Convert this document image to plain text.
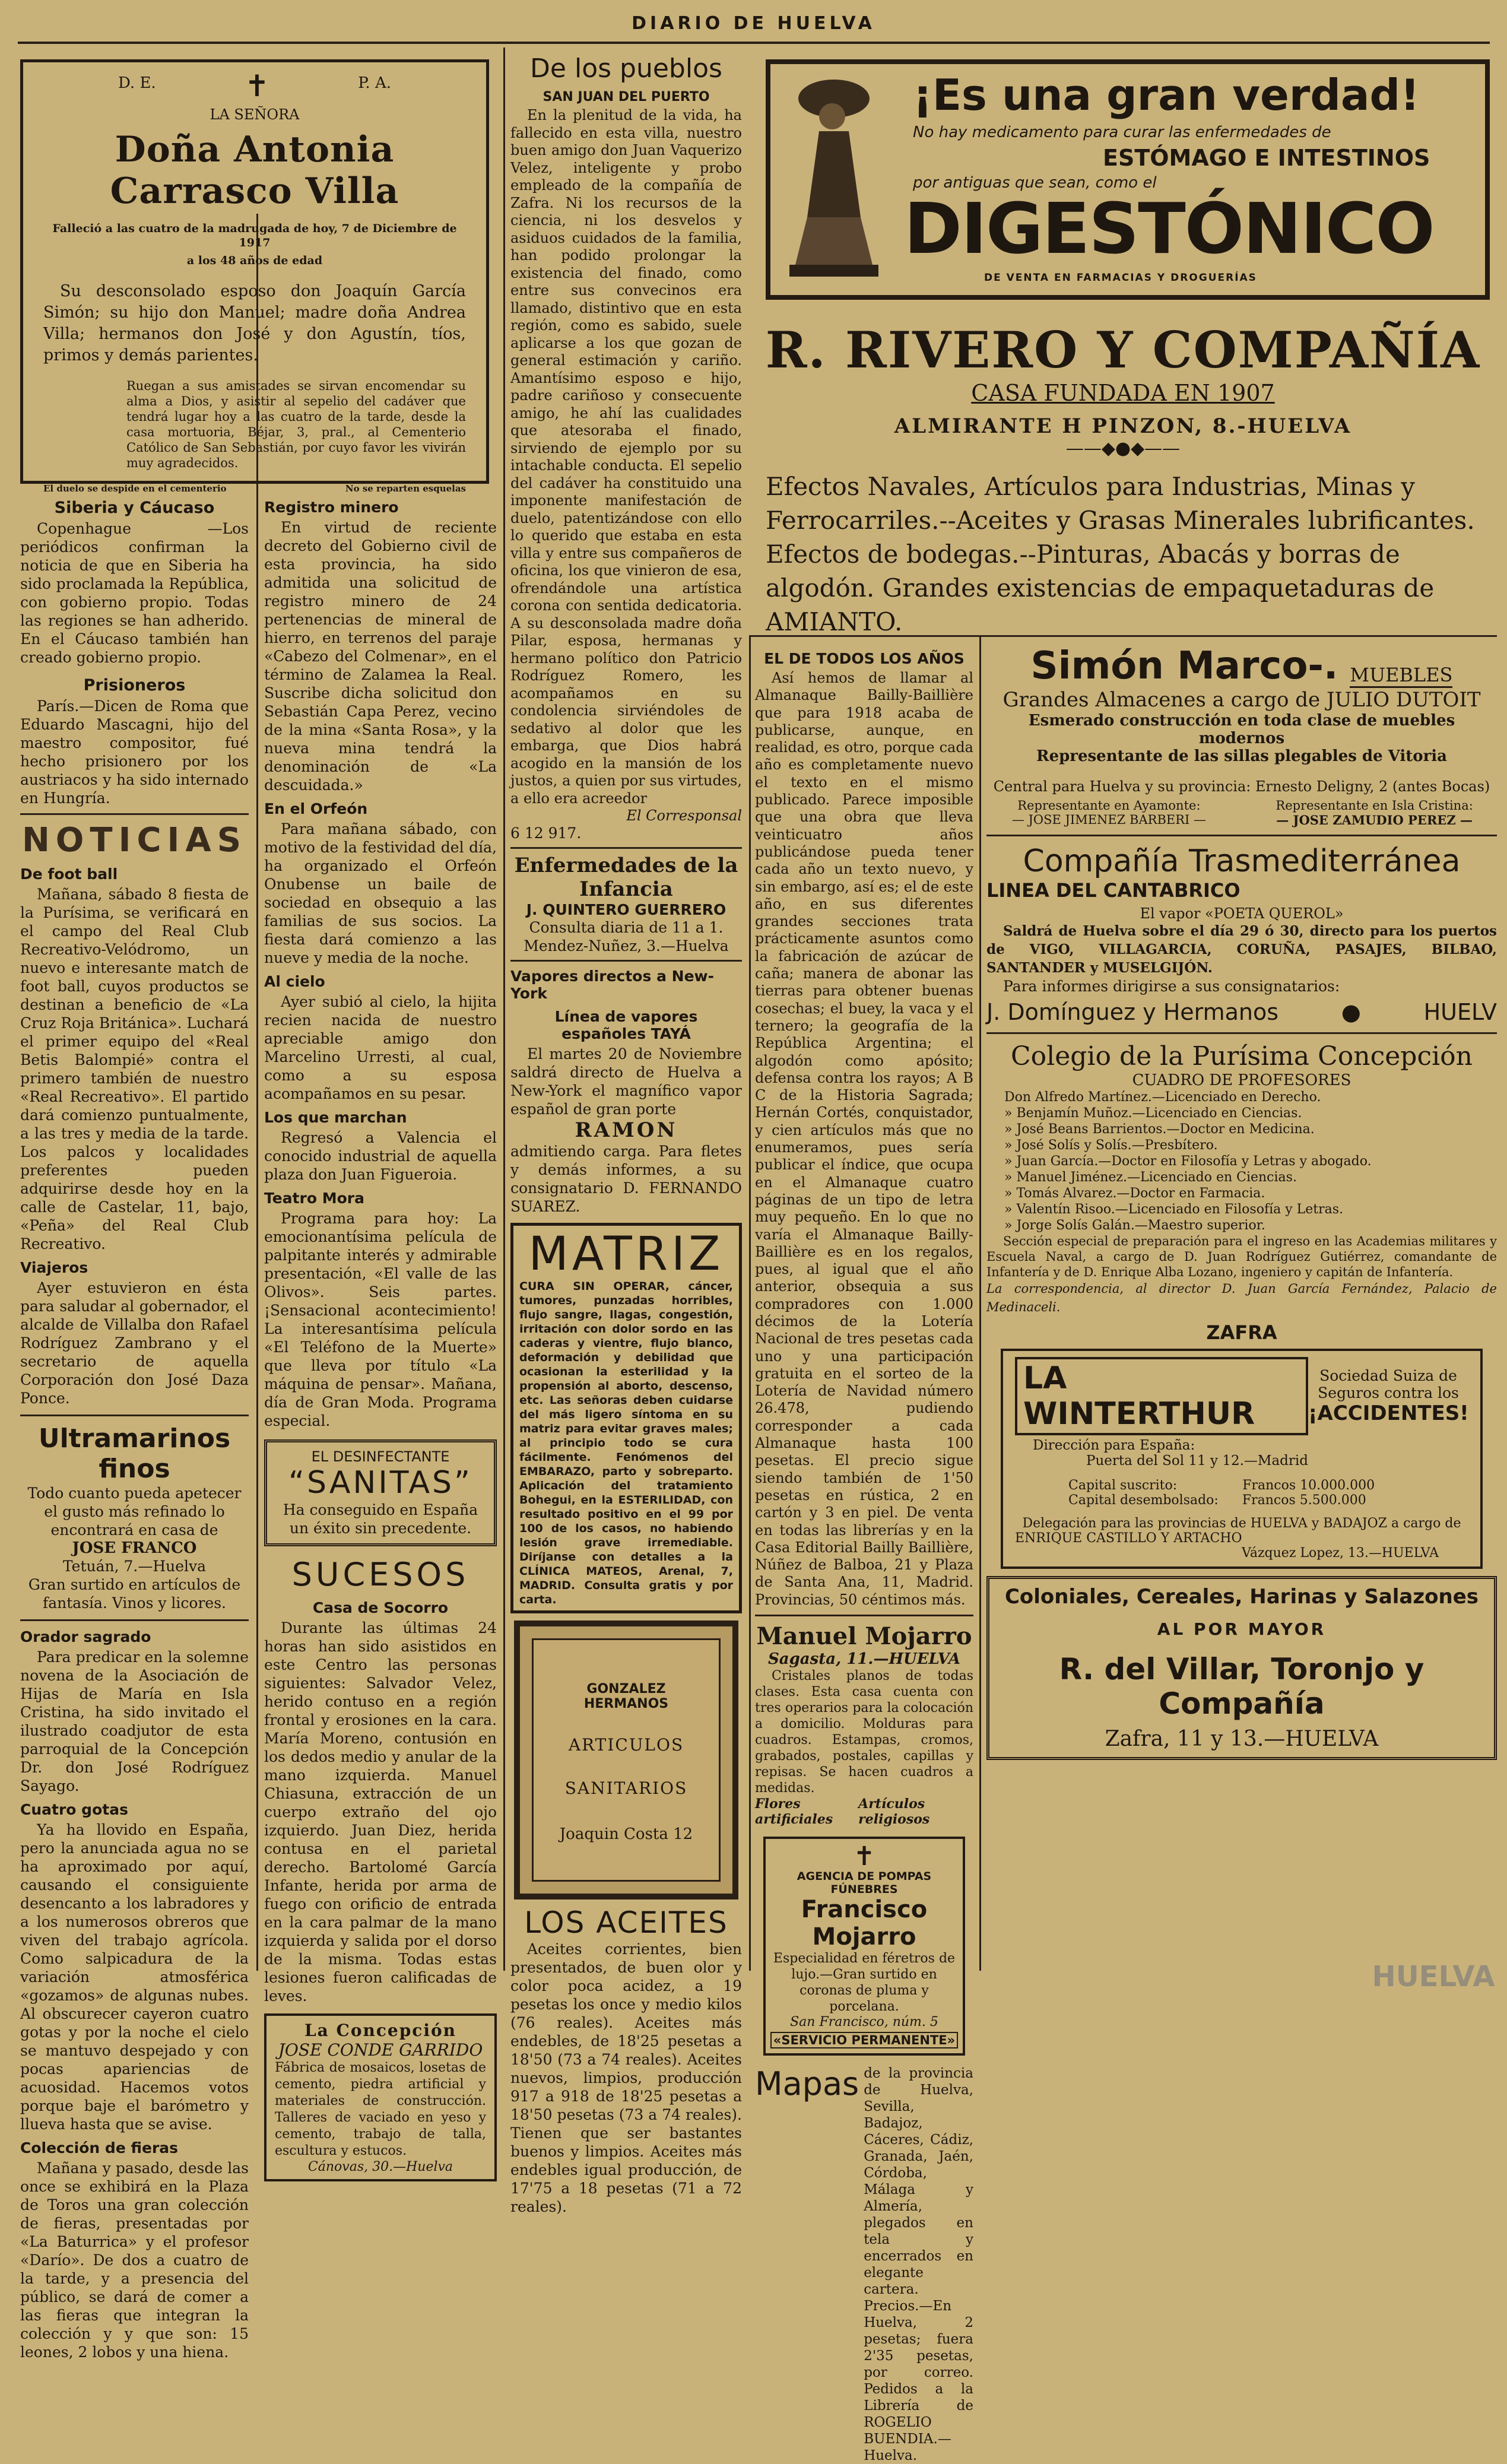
DIARIO DE HUELVA
D. E.	✝	P. A.
LA SEÑORA
Doña Antonia Carrasco Villa
Falleció a las cuatro de la madrugada de hoy, 7 de Diciembre de 1917
a los 48 años de edad

Su desconsolado esposo don Joaquín García Simón; su hijo don Manuel; madre doña Andrea Villa; hermanos don José y don Agustín, tíos, primos y demás parientes.

Ruegan a sus amistades se sirvan encomendar su alma a Dios, y asistir al sepelio del cadáver que tendrá lugar hoy a las cuatro de la tarde, desde la casa mortuoria, Béjar, 3, pral., al Cementerio Católico de San Sebastián, por cuyo favor les vivirán muy agradecidos.

El duelo se despide en el cementerio	No se reparten esquelas
Siberia y Cáucaso

Copenhague —Los periódicos confirman la noticia de que en Siberia ha sido proclamada la República, con gobierno propio. Todas las regiones se han adherido. En el Cáucaso también han creado gobierno propio.

Prisioneros

París.—Dicen de Roma que Eduardo Mascagni, hijo del maestro compositor, fué hecho prisionero por los austriacos y ha sido internado en Hungría.

NOTICIAS
De foot ball

Mañana, sábado 8 fiesta de la Purísima, se verificará en el campo del Real Club Recreativo-Velódromo, un nuevo e interesante match de foot ball, cuyos productos se destinan a beneficio de «La Cruz Roja Británica». Luchará el primer equipo del «Real Betis Balompié» contra el primero también de nuestro «Real Recreativo». El partido dará comienzo puntualmente, a las tres y media de la tarde. Los palcos y localidades preferentes pueden adquirirse desde hoy en la calle de Castelar, 11, bajo, «Peña» del Real Club Recreativo.

Viajeros

Ayer estuvieron en ésta para saludar al gobernador, el alcalde de Villalba don Rafael Rodríguez Zambrano y el secretario de aquella Corporación don José Daza Ponce.

Ultramarinos finos

Todo cuanto pueda apetecer el gusto más refinado lo encontrará en casa de

JOSE FRANCO
Tetuán, 7.—Huelva
Gran surtido en artículos de fantasía. Vinos y licores.
Orador sagrado

Para predicar en la solemne novena de la Asociación de Hijas de María en Isla Cristina, ha sido invitado el ilustrado coadjutor de esta parroquial de la Concepción Dr. don José Rodríguez Sayago.

Cuatro gotas

Ya ha llovido en España, pero la anunciada agua no se ha aproximado por aquí, causando el consiguiente desencanto a los labradores y a los numerosos obreros que viven del trabajo agrícola. Como salpicadura de la variación atmosférica «gozamos» de algunas nubes. Al obscurecer cayeron cuatro gotas y por la noche el cielo se mantuvo despejado y con pocas apariencias de acuosidad. Hacemos votos porque baje el barómetro y llueva hasta que se avise.

Colección de fieras

Mañana y pasado, desde las once se exhibirá en la Plaza de Toros una gran colección de fieras, presentadas por «La Baturrica» y el profesor «Darío». De dos a cuatro de la tarde, y a presencia del público, se dará de comer a las fieras que integran la colección y y que son: 15 leones, 2 lobos y una hiena.

Registro minero

En virtud de reciente decreto del Gobierno civil de esta provincia, ha sido admitida una solicitud de registro minero de 24 pertenencias de mineral de hierro, en terrenos del paraje «Cabezo del Colmenar», en el término de Zalamea la Real. Suscribe dicha solicitud don Sebastián Capa Perez, vecino de la mina «Santa Rosa», y la nueva mina tendrá la denominación de «La descuidada.»

En el Orfeón

Para mañana sábado, con motivo de la festividad del día, ha organizado el Orfeón Onubense un baile de sociedad en obsequio a las familias de sus socios. La fiesta dará comienzo a las nueve y media de la noche.

Al cielo

Ayer subió al cielo, la hijita recien nacida de nuestro apreciable amigo don Marcelino Urresti, al cual, como a su esposa acompañamos en su pesar.

Los que marchan

Regresó a Valencia el conocido industrial de aquella plaza don Juan Figueroia.

Teatro Mora

Programa para hoy: La emocionantísima película de palpitante interés y admirable presentación, «El valle de las Olivos». Seis partes. ¡Sensacional acontecimiento! La interesantísima película «El Teléfono de la Muerte» que lleva por título «La máquina de pensar». Mañana, día de Gran Moda. Programa especial.

EL DESINFECTANTE
“SANITAS”
Ha conseguido en España un éxito sin precedente.
SUCESOS
Casa de Socorro

Durante las últimas 24 horas han sido asistidos en este Centro las personas siguientes: Salvador Velez, herido contuso en a región frontal y erosiones en la cara. María Moreno, contusión en los dedos medio y anular de la mano izquierda. Manuel Chiasuna, extracción de un cuerpo extraño del ojo izquierdo. Juan Diez, herida contusa en el parietal derecho. Bartolomé García Infante, herida por arma de fuego con orificio de entrada en la cara palmar de la mano izquierda y salida por el dorso de la misma. Todas estas lesiones fueron calificadas de leves.

La Concepción
JOSE CONDE GARRIDO

Fábrica de mosaicos, losetas de cemento, piedra artificial y materiales de construcción. Talleres de vaciado en yeso y cemento, trabajo de talla, escultura y estucos.

Cánovas, 30.—Huelva
De los pueblos
SAN JUAN DEL PUERTO

En la plenitud de la vida, ha fallecido en esta villa, nuestro buen amigo don Juan Vaquerizo Velez, inteligente y probo empleado de la compañía de Zafra. Ni los recursos de la ciencia, ni los desvelos y asiduos cuidados de la familia, han podido prolongar la existencia del finado, como entre sus convecinos era llamado, distintivo que en esta región, como es sabido, suele aplicarse a los que gozan de general estimación y cariño. Amantísimo esposo e hijo, padre cariñoso y consecuente amigo, he ahí las cualidades que atesoraba el finado, sirviendo de ejemplo por su intachable conducta. El sepelio del cadáver ha constituido una imponente manifestación de duelo, patentizándose con ello lo querido que estaba en esta villa y entre sus compañeros de oficina, los que vinieron de esa, ofrendándole una artística corona con sentida dedicatoria. A su desconsolada madre doña Pilar, esposa, hermanas y hermano político don Patricio Rodríguez Romero, les acompañamos en su condolencia sirviéndoles de sedativo al dolor que les embarga, que Dios habrá acogido en la mansión de los justos, a quien por sus virtudes, a ello era acreedor

El Corresponsal
6 12 917.
Enfermedades de la Infancia
J. QUINTERO GUERRERO
Consulta diaria de 11 a 1.
Mendez-Nuñez, 3.—Huelva
Vapores directos a New-York
Línea de vapores españoles TAYÁ

El martes 20 de Noviembre saldrá directo de Huelva a New-York el magnífico vapor español de gran porte

RAMON

admitiendo carga. Para fletes y demás informes, a su consignatario D. FERNANDO SUAREZ.

MATRIZ

CURA SIN OPERAR, cáncer, tumores, punzadas horribles, flujo sangre, llagas, congestión, irritación con dolor sordo en las caderas y vientre, flujo blanco, deformación y debilidad que ocasionan la esterilidad y la propensión al aborto, descenso, etc. Las señoras deben cuidarse del más ligero síntoma en su matriz para evitar graves males; al principio todo se cura fácilmente. Fenómenos del EMBARAZO, parto y sobreparto. Aplicación del tratamiento Bohegui, en la ESTERILIDAD, con resultado positivo en el 99 por 100 de los casos, no habiendo lesión grave irremediable. Diríjanse con detalles a la CLÍNICA MATEOS, Arenal, 7, MADRID. Consulta gratis y por carta.

GONZALEZ HERMANOS
ARTICULOS
SANITARIOS
Joaquin Costa 12
LOS ACEITES

Aceites corrientes, bien presentados, de buen olor y color poca acidez, a 19 pesetas los once y medio kilos (76 reales). Aceites más endebles, de 18'25 pesetas a 18'50 (73 a 74 reales). Aceites nuevos, limpios, producción 917 a 918 de 18'25 pesetas a 18'50 pesetas (73 a 74 reales). Tienen que ser bastantes buenos y limpios. Aceites más endebles igual producción, de 17'75 a 18 pesetas (71 a 72 reales).

¡Es una gran verdad!
No hay medicamento para curar las enfermedades de
ESTÓMAGO E INTESTINOS
por antiguas que sean, como el
DIGESTÓNICO
DE VENTA EN FARMACIAS Y DROGUERÍAS
R. RIVERO Y COMPAÑÍA
CASA FUNDADA EN 1907
ALMIRANTE H PINZON, 8.-HUELVA
——◆●◆——

Efectos Navales, Artículos para Industrias, Minas y Ferrocarriles.--Aceites y Grasas Minerales lubrificantes. Efectos de bodegas.--Pinturas, Abacás y borras de algodón. Grandes existencias de empaquetaduras de AMIANTO.

EL DE TODOS LOS AÑOS

Así hemos de llamar al Almanaque Bailly-Baillière que para 1918 acaba de publicarse, aunque, en realidad, es otro, porque cada año es completamente nuevo el texto en el mismo publicado. Parece imposible que una obra que lleva veinticuatro años publicándose pueda tener cada año un texto nuevo, y sin embargo, así es; el de este año, en sus diferentes grandes secciones trata prácticamente asuntos como la fabricación de azúcar de caña; manera de abonar las tierras para obtener buenas cosechas; el buey, la vaca y el ternero; la geografía de la República Argentina; el algodón como apósito; defensa contra los rayos; A B C de la Historia Sagrada; Hernán Cortés, conquistador, y cien artículos más que no enumeramos, pues sería publicar el índice, que ocupa en el Almanaque cuatro páginas de un tipo de letra muy pequeño. En lo que no varía el Almanaque Bailly-Baillière es en los regalos, pues, al igual que el año anterior, obsequia a sus compradores con 1.000 décimos de la Lotería Nacional de tres pesetas cada uno y una participación gratuita en el sorteo de la Lotería de Navidad número 26.478, pudiendo corresponder a cada Almanaque hasta 100 pesetas. El precio sigue siendo también de 1'50 pesetas en rústica, 2 en cartón y 3 en piel. De venta en todas las librerías y en la Casa Editorial Bailly Baillière, Núñez de Balboa, 21 y Plaza de Santa Ana, 11, Madrid. Provincias, 50 céntimos más.

Manuel Mojarro
Sagasta, 11.—HUELVA

Cristales planos de todas clases. Esta casa cuenta con tres operarios para la colocación a domicilio. Molduras para cuadros. Estampas, cromos, grabados, postales, capillas y repisas. Se hacen cuadros a medidas.

Flores artificiales
Artículos religiosos
✝
AGENCIA DE POMPAS FÚNEBRES
Francisco Mojarro

Especialidad en féretros de lujo.—Gran surtido en coronas de pluma y porcelana.

San Francisco, núm. 5
«SERVICIO PERMANENTE»
Mapas de la provincia de Huelva, Sevilla, Badajoz, Cáceres, Cádiz, Granada, Jaén, Córdoba, Málaga y Almería, plegados en tela y encerrados en elegante cartera. Precios.—En Huelva, 2 pesetas; fuera 2'35 pesetas, por correo. Pedidos a la Librería de ROGELIO BUENDIA.—Huelva.

Simón Marco-. MUEBLES
Grandes Almacenes a cargo de JULIO DUTOIT
Esmerado construcción en toda clase de muebles modernos
Representante de las sillas plegables de Vitoria
Central para Huelva y su provincia: Ernesto Deligny, 2 (antes Bocas)
Representante en Ayamonte:
— JOSE JIMENEZ BARBERI —
Representante en Isla Cristina:
— JOSE ZAMUDIO PEREZ —
Compañía Trasmediterránea
LINEA DEL CANTABRICO
El vapor «POETA QUEROL»

Saldrá de Huelva sobre el día 29 ó 30, directo para los puertos de VIGO, VILLAGARCIA, CORUÑA, PASAJES, BILBAO, SANTANDER y MUSELGIJÓN.

Para informes dirigirse a sus consignatarios:
J. Domínguez y Hermanos	●	HUELV
Colegio de la Purísima Concepción
CUADRO DE PROFESORES
Don Alfredo Martínez.—Licenciado en Derecho.
» Benjamín Muñoz.—Licenciado en Ciencias.
» José Beans Barrientos.—Doctor en Medicina.
» José Solís y Solís.—Presbítero.
» Juan García.—Doctor en Filosofía y Letras y abogado.
» Manuel Jiménez.—Licenciado en Ciencias.
» Tomás Alvarez.—Doctor en Farmacia.
» Valentín Risoo.—Licenciado en Filosofía y Letras.
» Jorge Solís Galán.—Maestro superior.

Sección especial de preparación para el ingreso en las Academias militares y Escuela Naval, a cargo de D. Juan Rodríguez Gutiérrez, comandante de Infantería y de D. Enrique Alba Lozano, ingeniero y capitán de Infantería.

La correspondencia, al director D. Juan García Fernández, Palacio de Medinaceli.
ZAFRA
LA WINTERTHUR
Sociedad Suiza de Seguros contra los
¡ACCIDENTES!
Dirección para España:
Puerta del Sol 11 y 12.—Madrid
Capital suscrito:	Francos 10.000.000
Capital desembolsado: Francos 5.500.000
Delegación para las provincias de HUELVA y BADAJOZ a cargo de
ENRIQUE CASTILLO Y ARTACHO
Vázquez Lopez, 13.—HUELVA
Coloniales, Cereales, Harinas y Salazones
AL POR MAYOR
R. del Villar, Toronjo y Compañía
Zafra, 11 y 13.—HUELVA
HUELVA
